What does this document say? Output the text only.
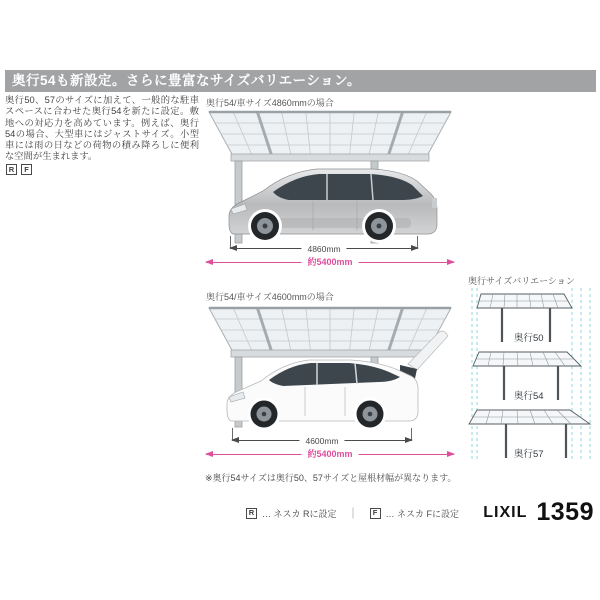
奥行54も新設定。さらに豊富なサイズバリエーション。

奥行50、57のサイズに加えて、一般的な駐車スペースに合わせた奥行54を新たに設定。敷地への対応力を高めています。例えば、奥行54の場合、大型車にはジャストサイズ。小型車には雨の日などの荷物の積み降ろしに便利な空間が生まれます。

R	F
奥行54/車サイズ4860mmの場合
4860mm
約5400mm
奥行54/車サイズ4600mmの場合
4600mm
約5400mm
※奥行54サイズは奥行50、57サイズと屋根材幅が異なります。
奥行サイズバリエーション
奥行50
奥行54
奥行57
R … ネスカ Rに設定 ｜	F … ネスカ Fに設定 LIXIL 1359
